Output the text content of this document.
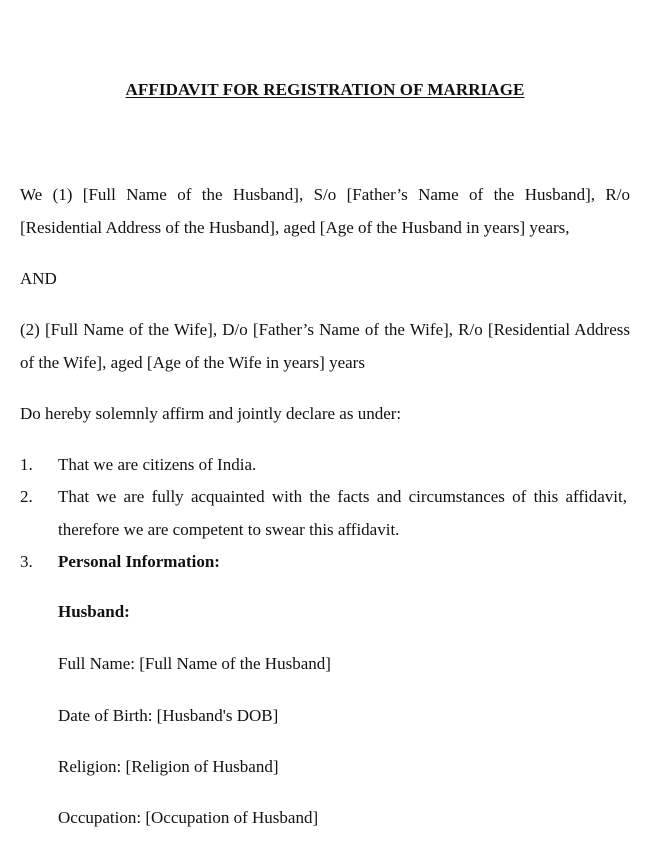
AFFIDAVIT FOR REGISTRATION OF MARRIAGE

We (1) [Full Name of the Husband], S/o [Father’s Name of the Husband], R/o [Residential Address of the Husband], aged [Age of the Husband in years] years,

AND

(2) [Full Name of the Wife], D/o [Father’s Name of the Wife], R/o [Residential Address of the Wife], aged [Age of the Wife in years] years

Do hereby solemnly affirm and jointly declare as under:

1. That we are citizens of India.
2. That we are fully acquainted with the facts and circumstances of this affidavit, therefore we are competent to swear this affidavit.
3. Personal Information:
Husband:
Full Name: [Full Name of the Husband]
Date of Birth: [Husband's DOB]
Religion: [Religion of Husband]
Occupation: [Occupation of Husband]
